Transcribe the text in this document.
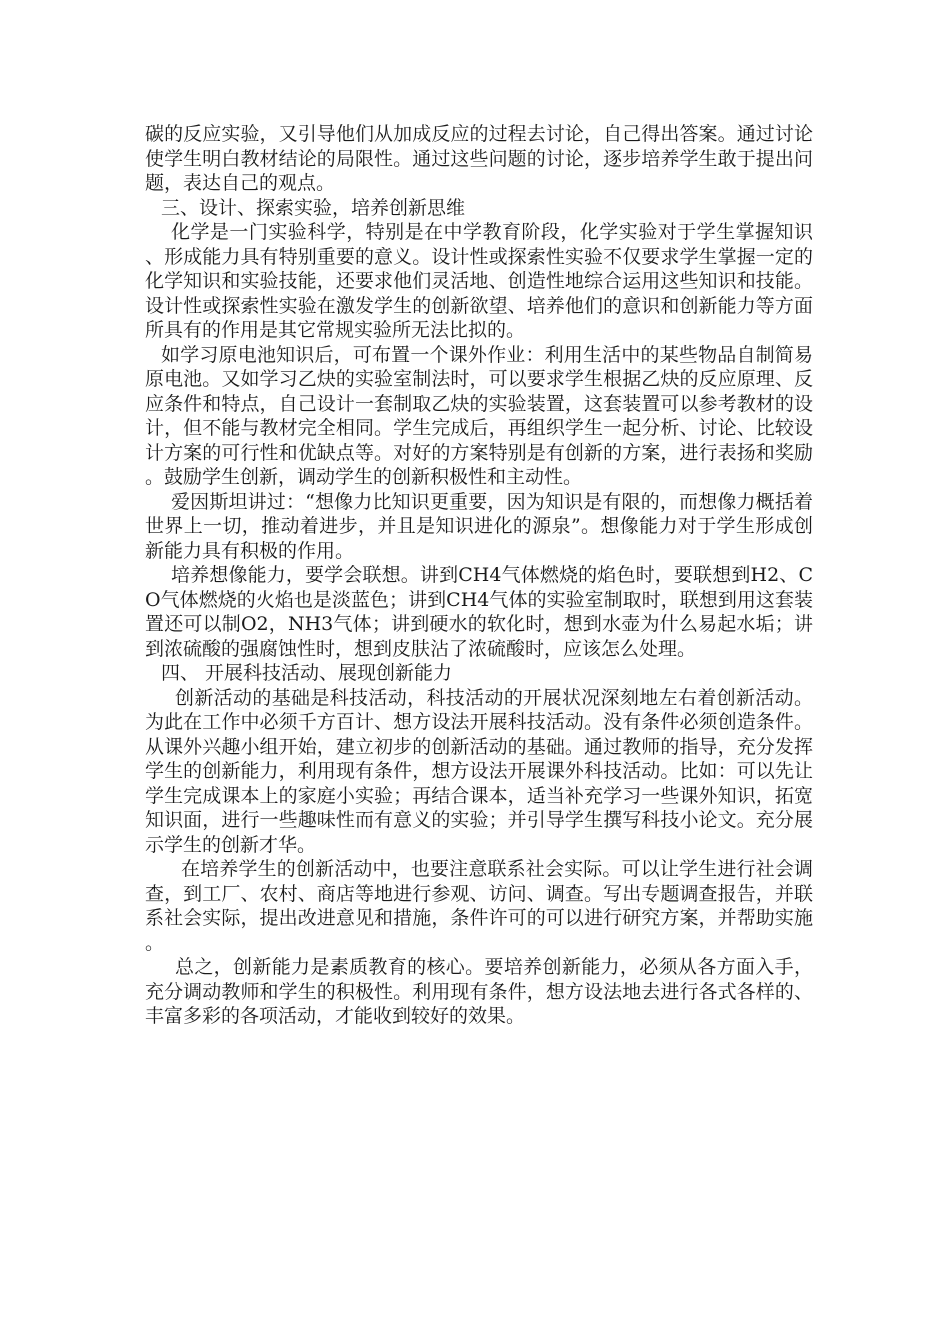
碳的反应实验，又引导他们从加成反应的过程去讨论，自己得出答案。通过讨论使学生明白教材结论的局限性。通过这些问题的讨论，逐步培养学生敢于提出问题，表达自己的观点。

三、设计、探索实验，培养创新思维

化学是一门实验科学，特别是在中学教育阶段，化学实验对于学生掌握知识、形成能力具有特别重要的意义。设计性或探索性实验不仅要求学生掌握一定的化学知识和实验技能，还要求他们灵活地、创造性地综合运用这些知识和技能。设计性或探索性实验在激发学生的创新欲望、培养他们的意识和创新能力等方面所具有的作用是其它常规实验所无法比拟的。

如学习原电池知识后，可布置一个课外作业：利用生活中的某些物品自制简易原电池。又如学习乙炔的实验室制法时，可以要求学生根据乙炔的反应原理、反应条件和特点，自己设计一套制取乙炔的实验装置，这套装置可以参考教材的设计，但不能与教材完全相同。学生完成后，再组织学生一起分析、讨论、比较设计方案的可行性和优缺点等。对好的方案特别是有创新的方案，进行表扬和奖励。鼓励学生创新，调动学生的创新积极性和主动性。

爱因斯坦讲过：“想像力比知识更重要，因为知识是有限的，而想像力概括着世界上一切，推动着进步，并且是知识进化的源泉”。想像能力对于学生形成创新能力具有积极的作用。

培养想像能力，要学会联想。讲到CH4气体燃烧的焰色时，要联想到H2、CO气体燃烧的火焰也是淡蓝色；讲到CH4气体的实验室制取时，联想到用这套装置还可以制O2，NH3气体；讲到硬水的软化时，想到水壶为什么易起水垢；讲到浓硫酸的强腐蚀性时，想到皮肤沾了浓硫酸时，应该怎么处理。

四、 开展科技活动、展现创新能力

创新活动的基础是科技活动，科技活动的开展状况深刻地左右着创新活动。为此在工作中必须千方百计、想方设法开展科技活动。没有条件必须创造条件。从课外兴趣小组开始，建立初步的创新活动的基础。通过教师的指导，充分发挥学生的创新能力，利用现有条件，想方设法开展课外科技活动。比如：可以先让学生完成课本上的家庭小实验；再结合课本，适当补充学习一些课外知识，拓宽知识面，进行一些趣味性而有意义的实验；并引导学生撰写科技小论文。充分展示学生的创新才华。

在培养学生的创新活动中，也要注意联系社会实际。可以让学生进行社会调查，到工厂、农村、商店等地进行参观、访问、调查。写出专题调查报告，并联系社会实际，提出改进意见和措施，条件许可的可以进行研究方案，并帮助实施。

总之，创新能力是素质教育的核心。要培养创新能力，必须从各方面入手，充分调动教师和学生的积极性。利用现有条件，想方设法地去进行各式各样的、丰富多彩的各项活动，才能收到较好的效果。
